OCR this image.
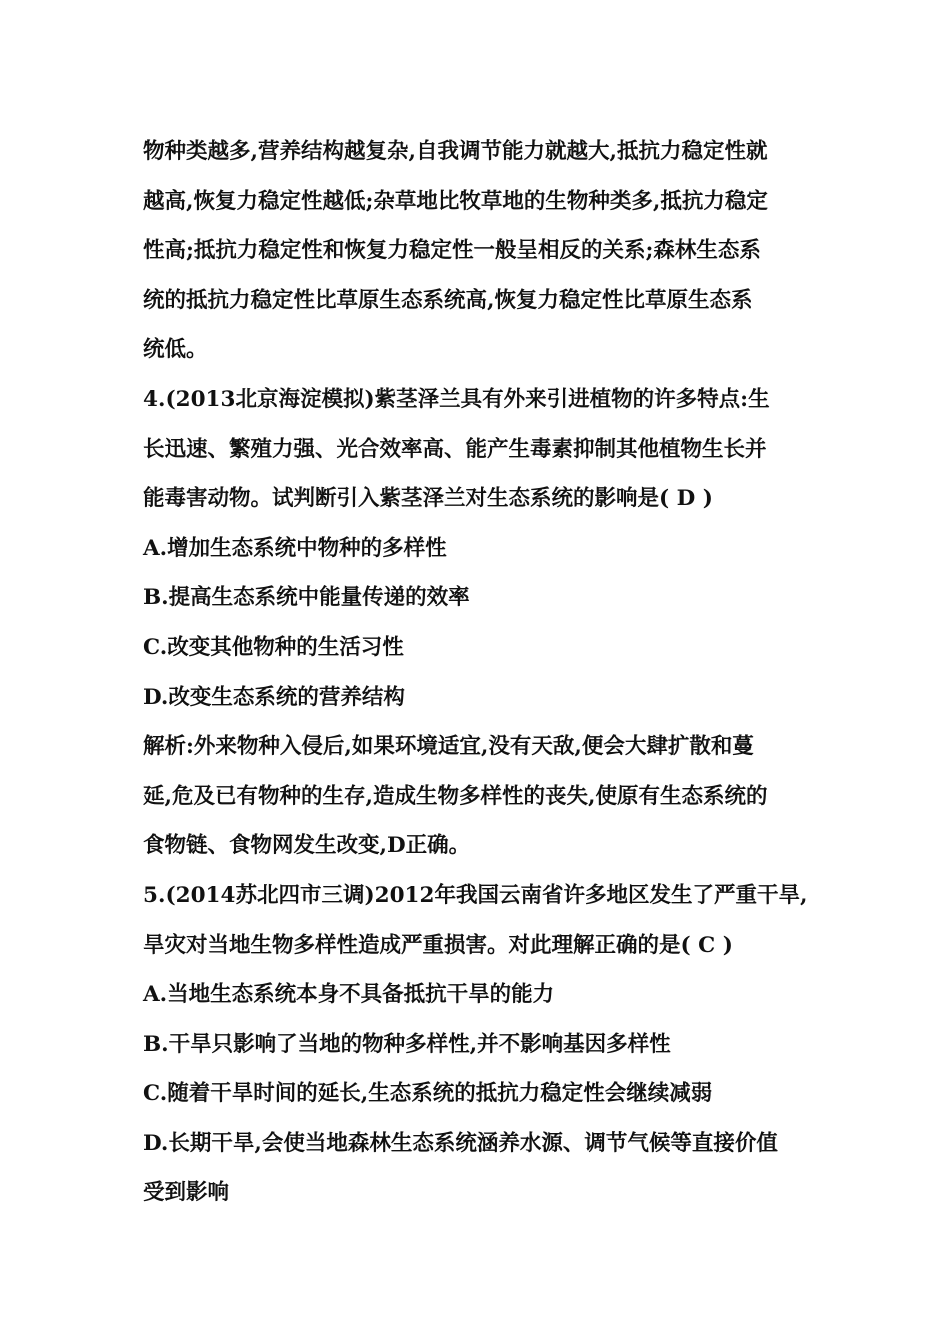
物种类越多,营养结构越复杂,自我调节能力就越大,抵抗力稳定性就
越高,恢复力稳定性越低;杂草地比牧草地的生物种类多,抵抗力稳定
性高;抵抗力稳定性和恢复力稳定性一般呈相反的关系;森林生态系
统的抵抗力稳定性比草原生态系统高,恢复力稳定性比草原生态系
统低。
4.(2013北京海淀模拟)紫茎泽兰具有外来引进植物的许多特点:生
长迅速、繁殖力强、光合效率高、能产生毒素抑制其他植物生长并
能毒害动物。试判断引入紫茎泽兰对生态系统的影响是( D )
A.增加生态系统中物种的多样性
B.提高生态系统中能量传递的效率
C.改变其他物种的生活习性
D.改变生态系统的营养结构
解析:外来物种入侵后,如果环境适宜,没有天敌,便会大肆扩散和蔓
延,危及已有物种的生存,造成生物多样性的丧失,使原有生态系统的
食物链、食物网发生改变,D正确。
5.(2014苏北四市三调)2012年我国云南省许多地区发生了严重干旱,
旱灾对当地生物多样性造成严重损害。对此理解正确的是( C )
A.当地生态系统本身不具备抵抗干旱的能力
B.干旱只影响了当地的物种多样性,并不影响基因多样性
C.随着干旱时间的延长,生态系统的抵抗力稳定性会继续减弱
D.长期干旱,会使当地森林生态系统涵养水源、调节气候等直接价值
受到影响
